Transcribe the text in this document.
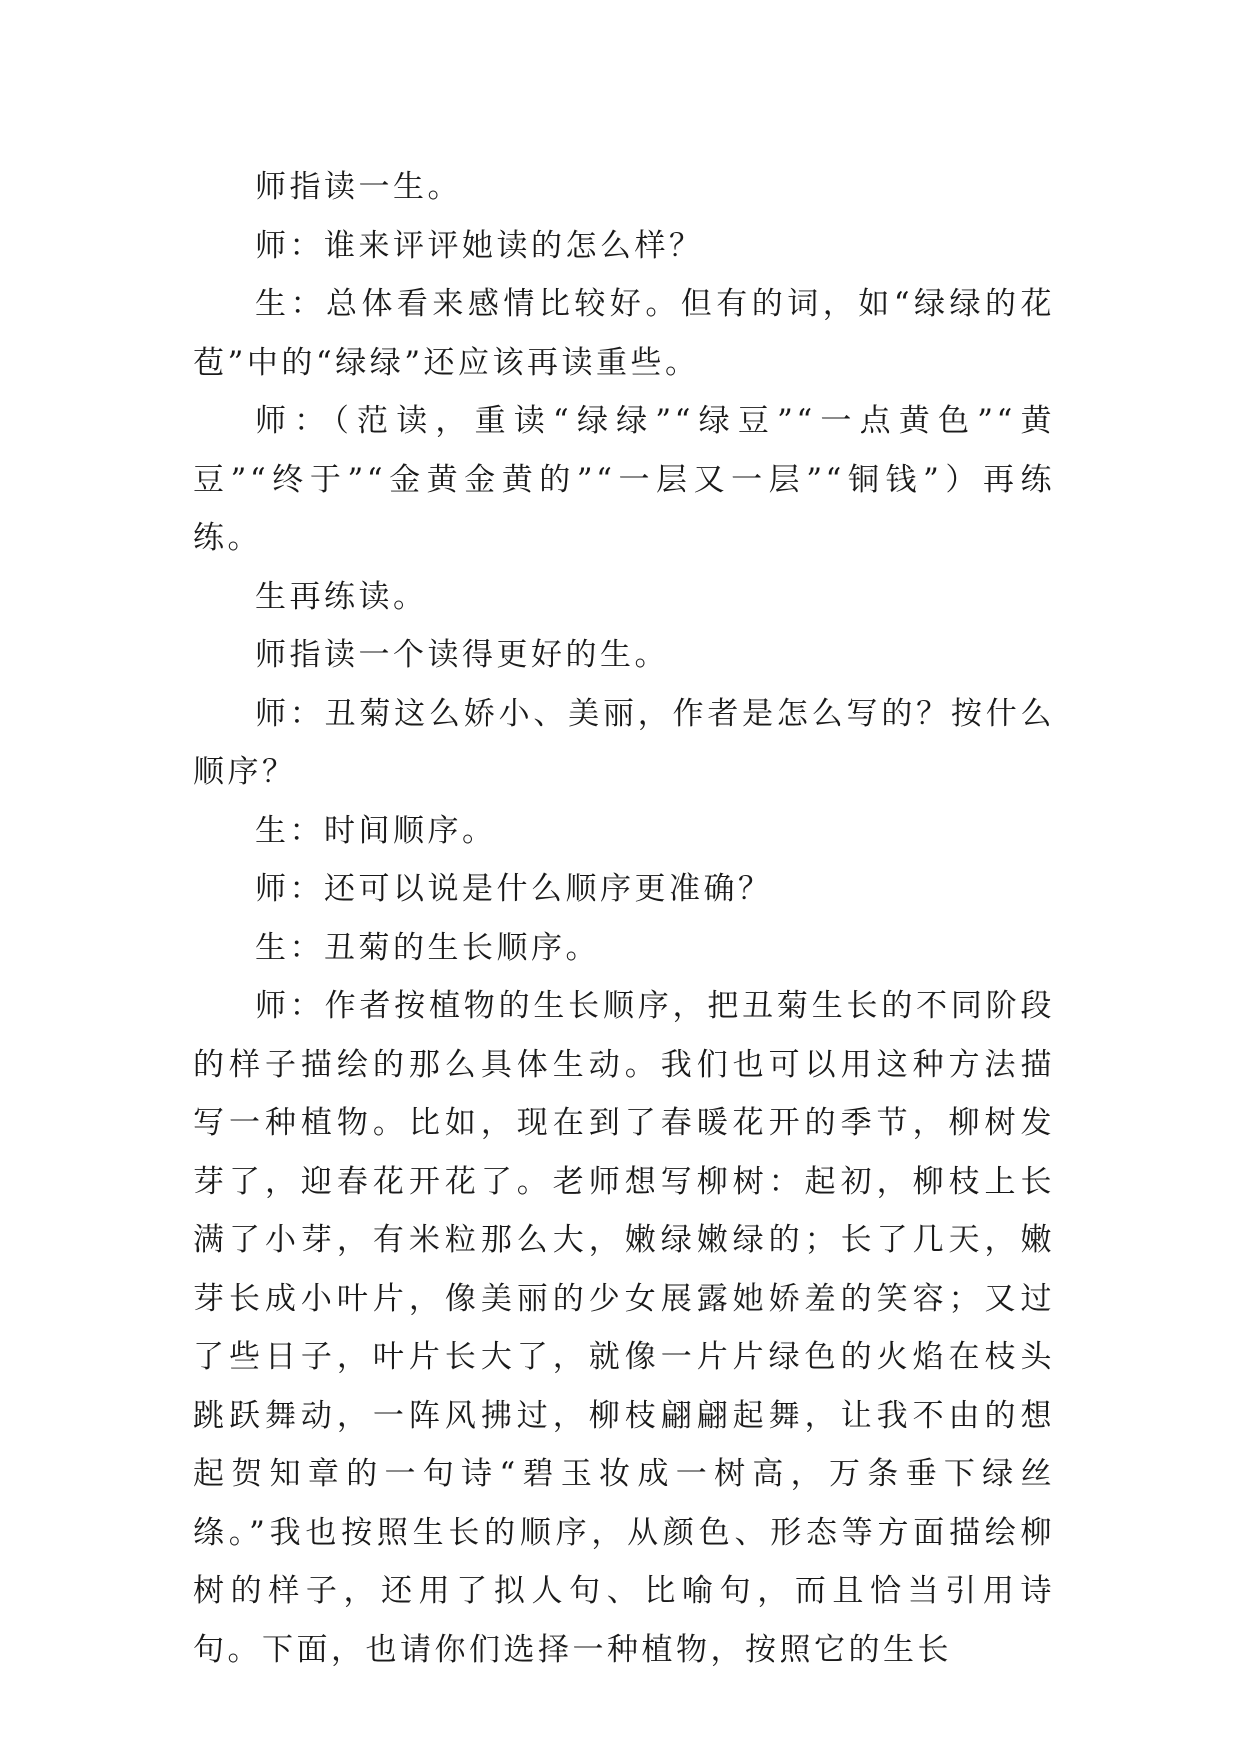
师指读一生。

师：谁来评评她读的怎么样？

生：总体看来感情比较好。但有的词，如“绿绿的花苞”中的“绿绿”还应该再读重些。

师：（范读，重读“绿绿”“绿豆”“一点黄色”“黄豆”“终于”“金黄金黄的”“一层又一层”“铜钱”）再练练。

生再练读。

师指读一个读得更好的生。

师：丑菊这么娇小、美丽，作者是怎么写的？按什么顺序？

生：时间顺序。

师：还可以说是什么顺序更准确？

生：丑菊的生长顺序。

师：作者按植物的生长顺序，把丑菊生长的不同阶段的样子描绘的那么具体生动。我们也可以用这种方法描写一种植物。比如，现在到了春暖花开的季节，柳树发芽了，迎春花开花了。老师想写柳树：起初，柳枝上长满了小芽，有米粒那么大，嫩绿嫩绿的；长了几天，嫩芽长成小叶片，像美丽的少女展露她娇羞的笑容；又过了些日子，叶片长大了，就像一片片绿色的火焰在枝头跳跃舞动，一阵风拂过，柳枝翩翩起舞，让我不由的想起贺知章的一句诗“碧玉妆成一树高，万条垂下绿丝绦。”我也按照生长的顺序，从颜色、形态等方面描绘柳树的样子，还用了拟人句、比喻句，而且恰当引用诗句。下面，也请你们选择一种植物，按照它的生长
